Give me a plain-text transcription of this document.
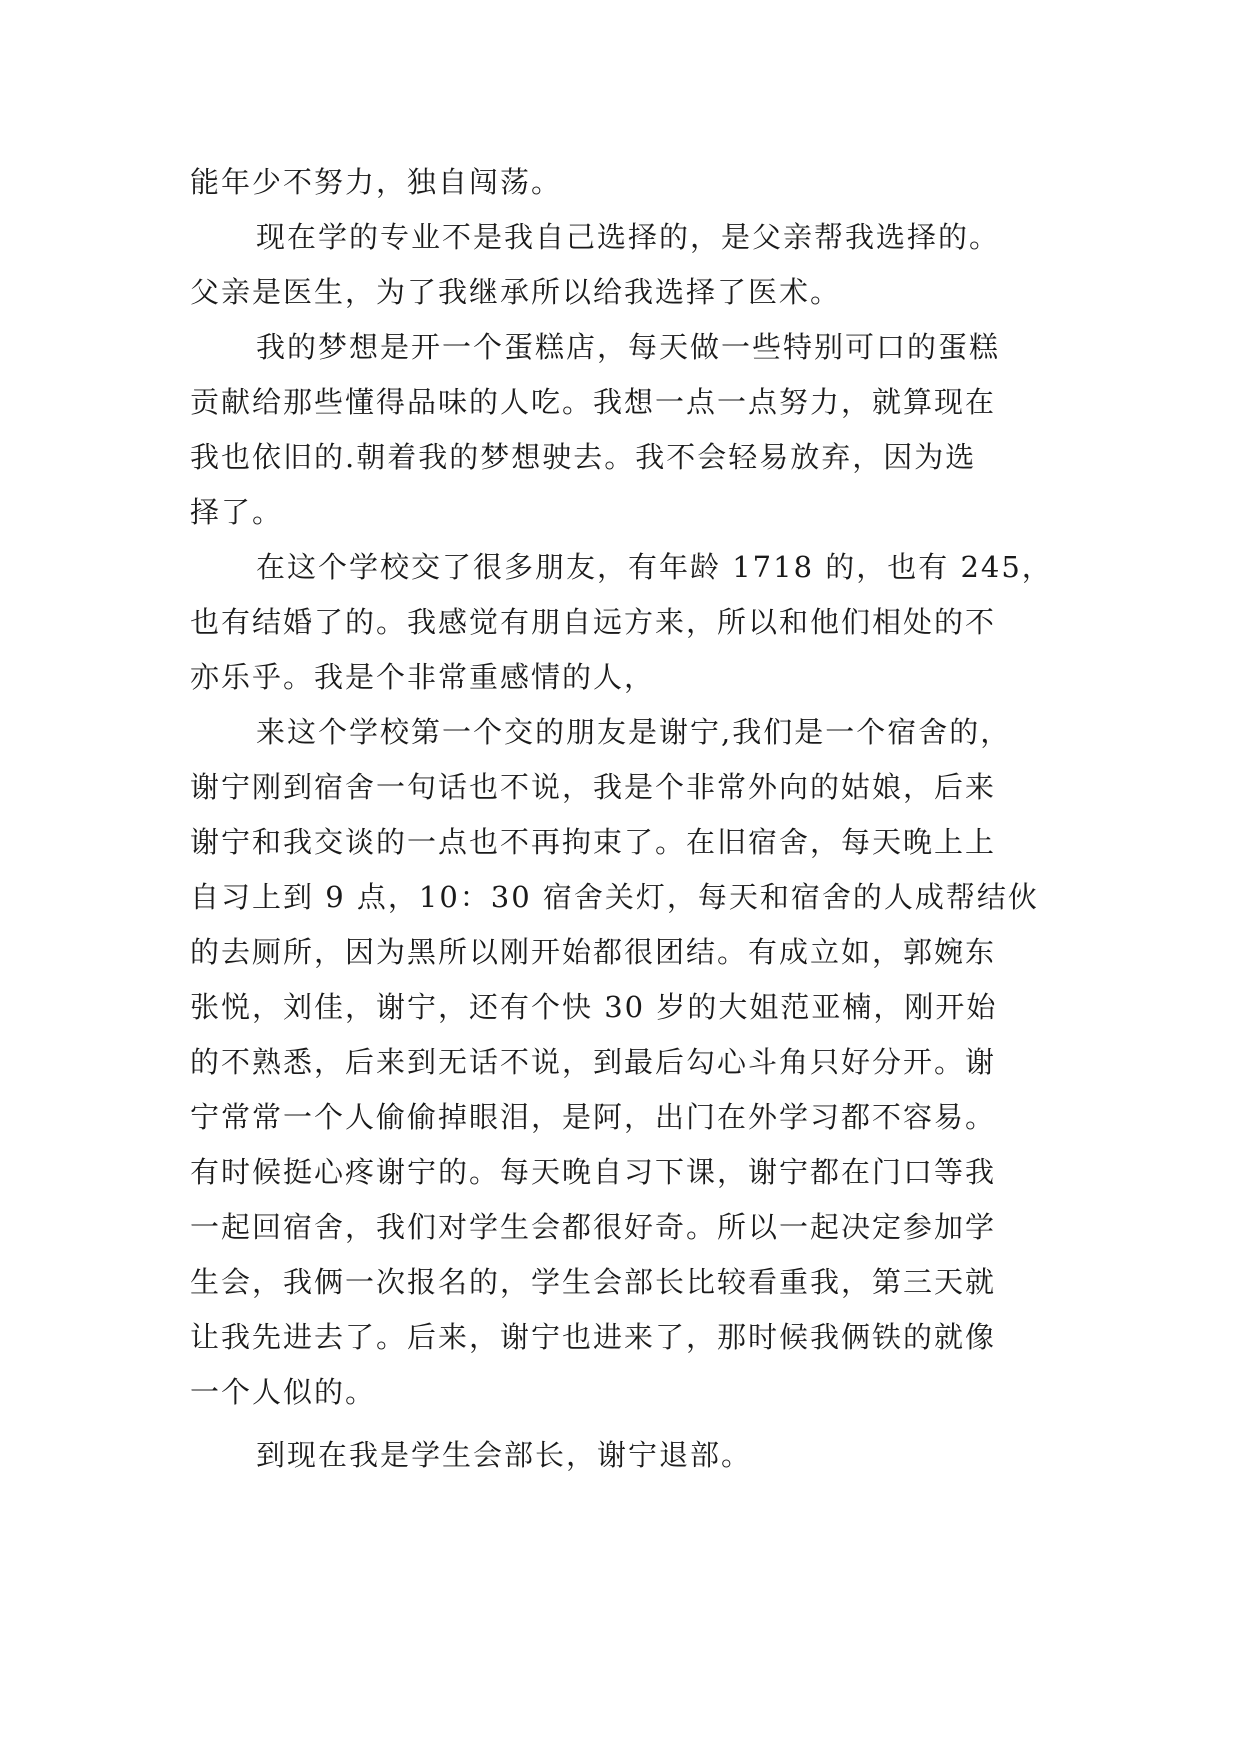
能年少不努力，独自闯荡。
现在学的专业不是我自己选择的，是父亲帮我选择的。
父亲是医生，为了我继承所以给我选择了医术。
我的梦想是开一个蛋糕店，每天做一些特别可口的蛋糕
贡献给那些懂得品味的人吃。我想一点一点努力，就算现在
我也依旧的.朝着我的梦想驶去。我不会轻易放弃，因为选
择了。
在这个学校交了很多朋友，有年龄 1718 的，也有 245，
也有结婚了的。我感觉有朋自远方来，所以和他们相处的不
亦乐乎。我是个非常重感情的人，
来这个学校第一个交的朋友是谢宁,我们是一个宿舍的，
谢宁刚到宿舍一句话也不说，我是个非常外向的姑娘，后来
谢宁和我交谈的一点也不再拘束了。在旧宿舍，每天晚上上
自习上到 9 点，10：30 宿舍关灯，每天和宿舍的人成帮结伙
的去厕所，因为黑所以刚开始都很团结。有成立如，郭婉东
张悦，刘佳，谢宁，还有个快 30 岁的大姐范亚楠，刚开始
的不熟悉，后来到无话不说，到最后勾心斗角只好分开。谢
宁常常一个人偷偷掉眼泪，是阿，出门在外学习都不容易。
有时候挺心疼谢宁的。每天晚自习下课，谢宁都在门口等我
一起回宿舍，我们对学生会都很好奇。所以一起决定参加学
生会，我俩一次报名的，学生会部长比较看重我，第三天就
让我先进去了。后来，谢宁也进来了，那时候我俩铁的就像
一个人似的。
到现在我是学生会部长，谢宁退部。
